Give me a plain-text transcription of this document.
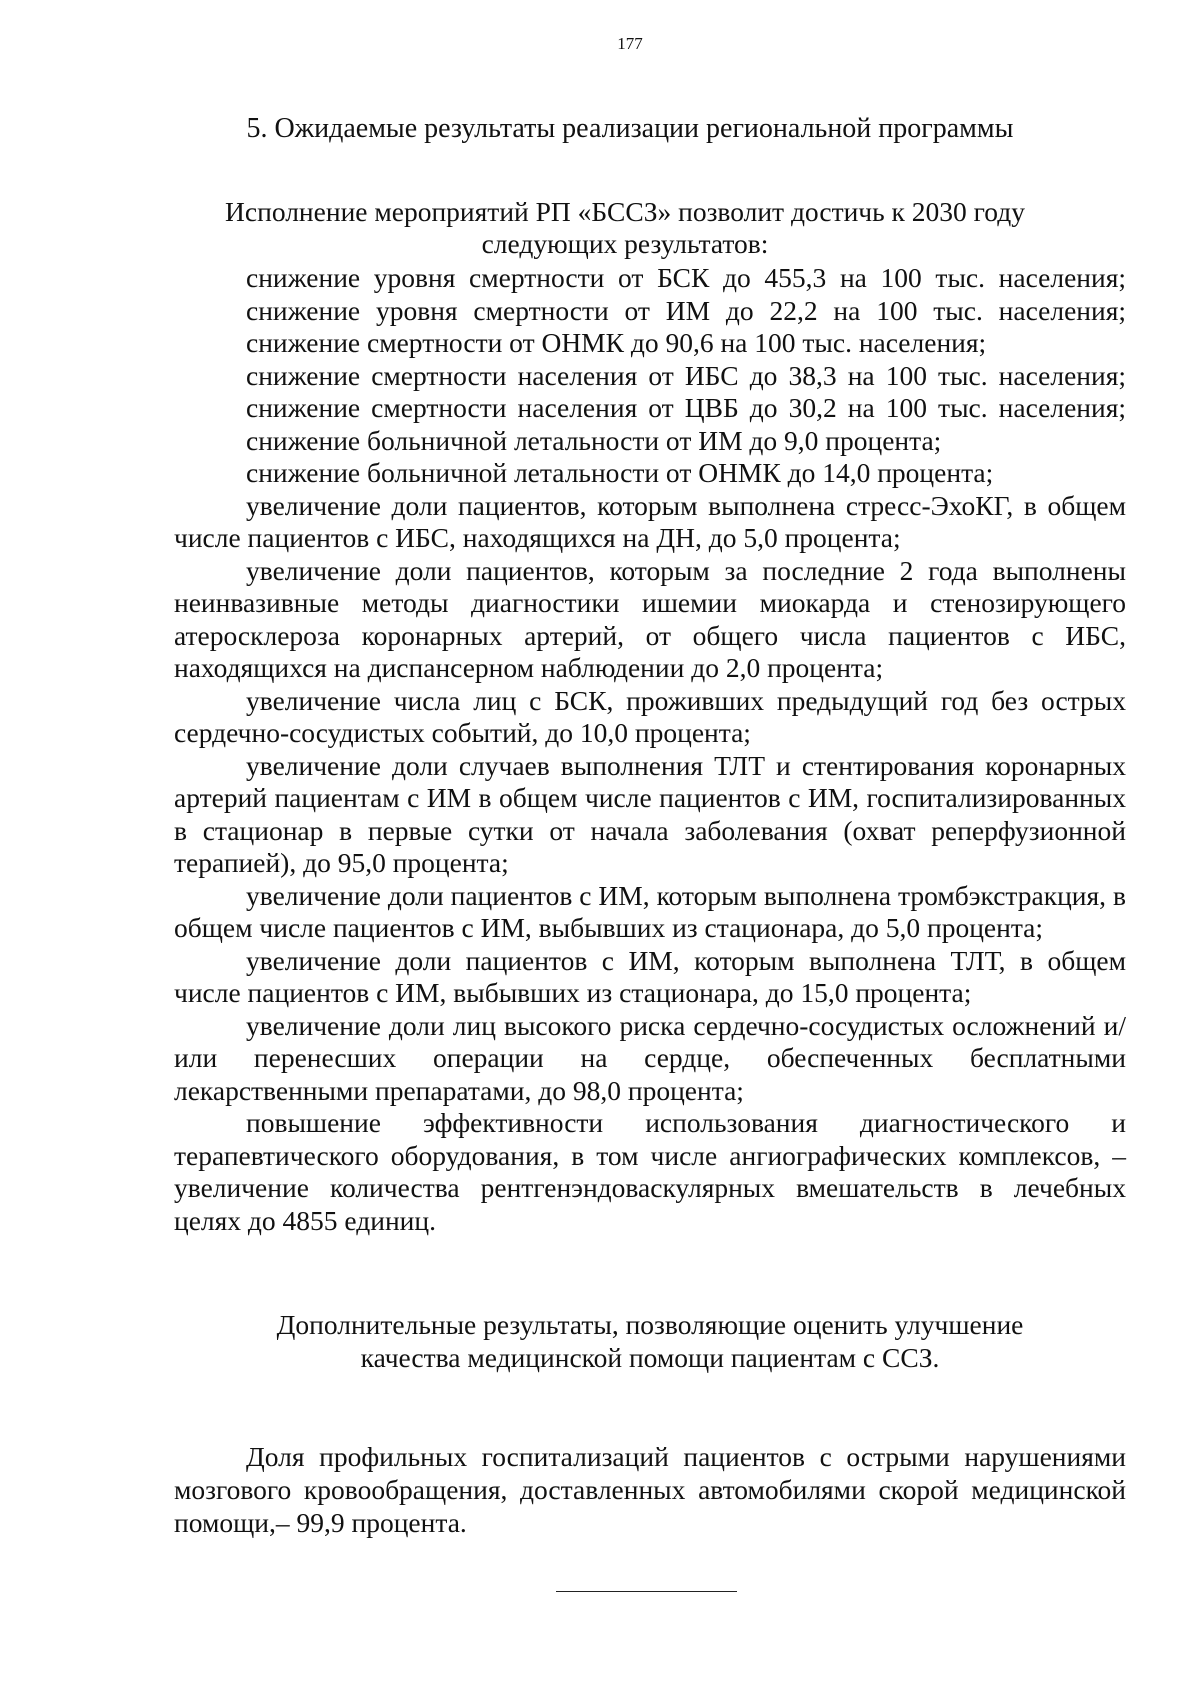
177
5. Ожидаемые результаты реализации региональной программы
Исполнение мероприятий РП «БССЗ» позволит достичь к 2030 году следующих результатов:

снижение уровня смертности от БСК до 455,3 на 100 тыс. населения;

снижение уровня смертности от ИМ до 22,2 на 100 тыс. населения;

снижение смертности от ОНМК до 90,6 на 100 тыс. населения;

снижение смертности населения от ИБС до 38,3 на 100 тыс. населения;

снижение смертности населения от ЦВБ до 30,2 на 100 тыс. населения;

снижение больничной летальности от ИМ до 9,0 процента;

снижение больничной летальности от ОНМК до 14,0 процента;

увеличение доли пациентов, которым выполнена стресс-ЭхоКГ, в общем числе пациентов с ИБС, находящихся на ДН, до 5,0 процента;

увеличение доли пациентов, которым за последние 2 года выполнены неинвазивные методы диагностики ишемии миокарда и стенозирующего атеросклероза коронарных артерий, от общего числа пациентов с ИБС, находящихся на диспансерном наблюдении до 2,0 процента;

увеличение числа лиц с БСК, проживших предыдущий год без острых сердечно-сосудистых событий, до 10,0 процента;

увеличение доли случаев выполнения ТЛТ и стентирования коронарных артерий пациентам с ИМ в общем числе пациентов с ИМ, госпитализированных в стационар в первые сутки от начала заболевания (охват реперфузионной терапией), до 95,0 процента;

увеличение доли пациентов с ИМ, которым выполнена тромбэкстракция, в общем числе пациентов с ИМ, выбывших из стационара, до 5,0 процента;

увеличение доли пациентов с ИМ, которым выполнена ТЛТ, в общем числе пациентов с ИМ, выбывших из стационара, до 15,0 процента;

увеличение доли лиц высокого риска сердечно-сосудистых осложнений и/или перенесших операции на сердце, обеспеченных бесплатными лекарственными препаратами, до 98,0 процента;

повышение эффективности использования диагностического и терапевтического оборудования, в том числе ангиографических комплексов, – увеличение количества рентгенэндоваскулярных вмешательств в лечебных целях до 4855 единиц.

Дополнительные результаты, позволяющие оценить улучшение качества медицинской помощи пациентам с ССЗ.

Доля профильных госпитализаций пациентов с острыми нарушениями мозгового кровообращения, доставленных автомобилями скорой медицинской помощи,– 99,9 процента.
